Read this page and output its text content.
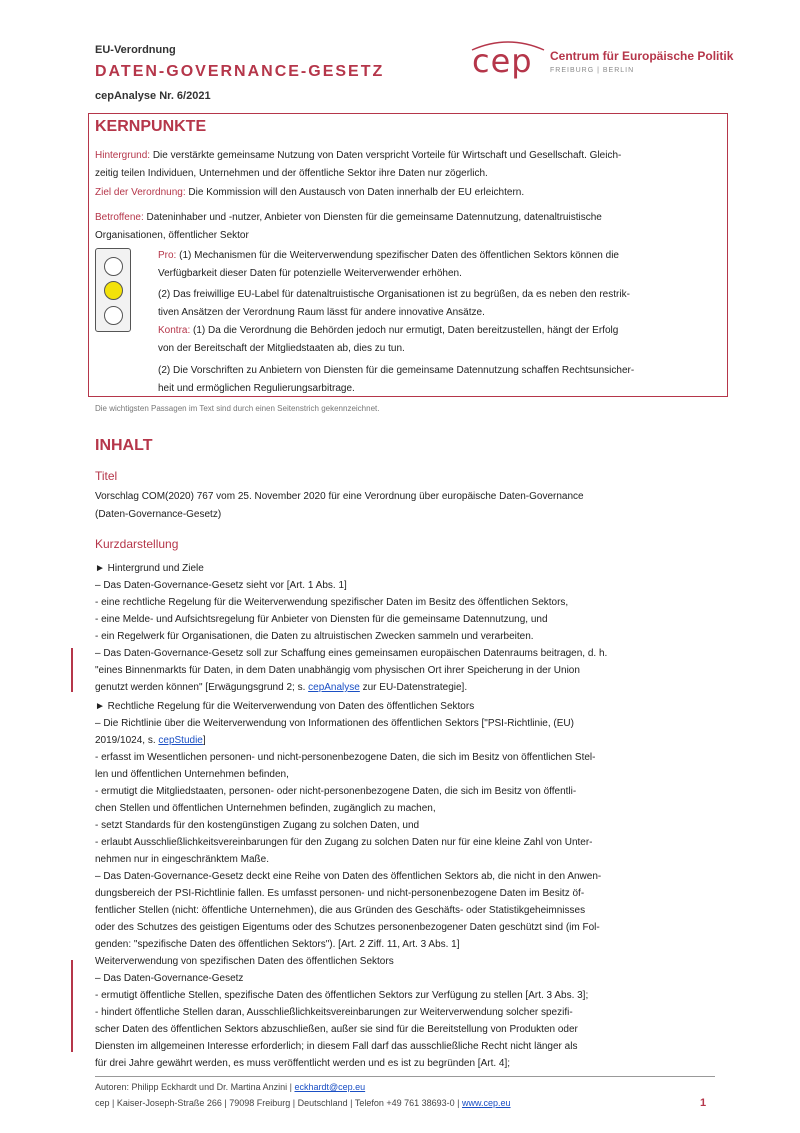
EU-Verordnung
DATEN-GOVERNANCE-GESETZ
cepAnalyse Nr. 6/2021
cep Centrum für Europäische Politik
FREIBURG | BERLIN
KERNPUNKTE
Hintergrund: Die verstärkte gemeinsame Nutzung von Daten verspricht Vorteile für Wirtschaft und Gesellschaft. Gleich-
zeitig teilen Individuen, Unternehmen und der öffentliche Sektor ihre Daten nur zögerlich.
Ziel der Verordnung: Die Kommission will den Austausch von Daten innerhalb der EU erleichtern.
Betroffene: Dateninhaber und -nutzer, Anbieter von Diensten für die gemeinsame Datennutzung, datenaltruistische
Organisationen, öffentlicher Sektor
Pro: (1) Mechanismen für die Weiterverwendung spezifischer Daten des öffentlichen Sektors können die
Verfügbarkeit dieser Daten für potenzielle Weiterverwender erhöhen.
(2) Das freiwillige EU-Label für datenaltruistische Organisationen ist zu begrüßen, da es neben den restrik-
tiven Ansätzen der Verordnung Raum lässt für andere innovative Ansätze.
Kontra: (1) Da die Verordnung die Behörden jedoch nur ermutigt, Daten bereitzustellen, hängt der Erfolg
von der Bereitschaft der Mitgliedstaaten ab, dies zu tun.
(2) Die Vorschriften zu Anbietern von Diensten für die gemeinsame Datennutzung schaffen Rechtsunsicher-
heit und ermöglichen Regulierungsarbitrage.
Die wichtigsten Passagen im Text sind durch einen Seitenstrich gekennzeichnet.
INHALT
Titel
Vorschlag COM(2020) 767 vom 25. November 2020 für eine Verordnung über europäische Daten-Governance
(Daten-Governance-Gesetz)
Kurzdarstellung
► Hintergrund und Ziele
– Das Daten-Governance-Gesetz sieht vor [Art. 1 Abs. 1]
- eine rechtliche Regelung für die Weiterverwendung spezifischer Daten im Besitz des öffentlichen Sektors,
- eine Melde- und Aufsichtsregelung für Anbieter von Diensten für die gemeinsame Datennutzung, und
- ein Regelwerk für Organisationen, die Daten zu altruistischen Zwecken sammeln und verarbeiten.
– Das Daten-Governance-Gesetz soll zur Schaffung eines gemeinsamen europäischen Datenraums beitragen, d. h.
"eines Binnenmarkts für Daten, in dem Daten unabhängig vom physischen Ort ihrer Speicherung in der Union
genutzt werden können" [Erwägungsgrund 2; s. cepAnalyse zur EU-Datenstrategie].
► Rechtliche Regelung für die Weiterverwendung von Daten des öffentlichen Sektors
– Die Richtlinie über die Weiterverwendung von Informationen des öffentlichen Sektors ["PSI-Richtlinie, (EU)
2019/1024, s. cepStudie]
- erfasst im Wesentlichen personen- und nicht-personenbezogene Daten, die sich im Besitz von öffentlichen Stel-
len und öffentlichen Unternehmen befinden,
- ermutigt die Mitgliedstaaten, personen- oder nicht-personenbezogene Daten, die sich im Besitz von öffentli-
chen Stellen und öffentlichen Unternehmen befinden, zugänglich zu machen,
- setzt Standards für den kostengünstigen Zugang zu solchen Daten, und
- erlaubt Ausschließlichkeitsvereinbarungen für den Zugang zu solchen Daten nur für eine kleine Zahl von Unter-
nehmen nur in eingeschränktem Maße.
– Das Daten-Governance-Gesetz deckt eine Reihe von Daten des öffentlichen Sektors ab, die nicht in den Anwen-
dungsbereich der PSI-Richtlinie fallen. Es umfasst personen- und nicht-personenbezogene Daten im Besitz öf-
fentlicher Stellen (nicht: öffentliche Unternehmen), die aus Gründen des Geschäfts- oder Statistikgeheimnisses
oder des Schutzes des geistigen Eigentums oder des Schutzes personenbezogener Daten geschützt sind (im Fol-
genden: "spezifische Daten des öffentlichen Sektors"). [Art. 2 Ziff. 11, Art. 3 Abs. 1]
Weiterverwendung von spezifischen Daten des öffentlichen Sektors
– Das Daten-Governance-Gesetz
- ermutigt öffentliche Stellen, spezifische Daten des öffentlichen Sektors zur Verfügung zu stellen [Art. 3 Abs. 3];
- hindert öffentliche Stellen daran, Ausschließlichkeitsvereinbarungen zur Weiterverwendung solcher spezifi-
scher Daten des öffentlichen Sektors abzuschließen, außer sie sind für die Bereitstellung von Produkten oder
Diensten im allgemeinen Interesse erforderlich; in diesem Fall darf das ausschließliche Recht nicht länger als
für drei Jahre gewährt werden, es muss veröffentlicht werden und es ist zu begründen [Art. 4];
Autoren: Philipp Eckhardt und Dr. Martina Anzini | eckhardt@cep.eu
cep | Kaiser-Joseph-Straße 266 | 79098 Freiburg | Deutschland | Telefon +49 761 38693-0 | www.cep.eu	1
